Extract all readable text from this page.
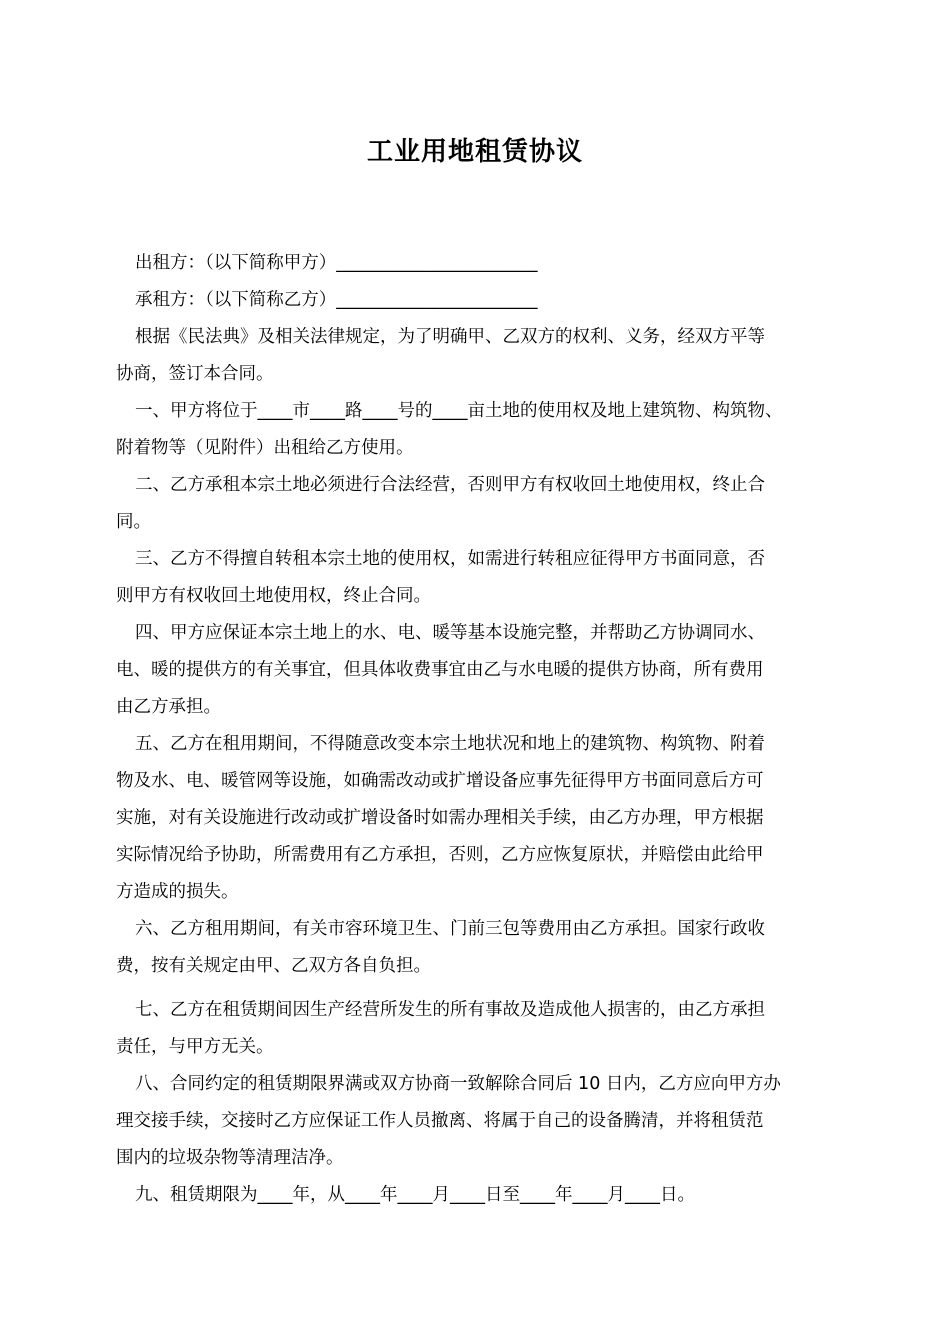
工业用地租赁协议
出租方：（以下简称甲方）_______________________
承租方：（以下简称乙方）_______________________
根据《民法典》及相关法律规定，为了明确甲、乙双方的权利、义务，经双方平等
协商，签订本合同。
一、甲方将位于____市____路____号的____亩土地的使用权及地上建筑物、构筑物、
附着物等（见附件）出租给乙方使用。
二、乙方承租本宗土地必须进行合法经营，否则甲方有权收回土地使用权，终止合
同。
三、乙方不得擅自转租本宗土地的使用权，如需进行转租应征得甲方书面同意，否
则甲方有权收回土地使用权，终止合同。
四、甲方应保证本宗土地上的水、电、暖等基本设施完整，并帮助乙方协调同水、
电、暖的提供方的有关事宜，但具体收费事宜由乙与水电暖的提供方协商，所有费用
由乙方承担。
五、乙方在租用期间，不得随意改变本宗土地状况和地上的建筑物、构筑物、附着
物及水、电、暖管网等设施，如确需改动或扩增设备应事先征得甲方书面同意后方可
实施，对有关设施进行改动或扩增设备时如需办理相关手续，由乙方办理，甲方根据
实际情况给予协助，所需费用有乙方承担，否则，乙方应恢复原状，并赔偿由此给甲
方造成的损失。
六、乙方租用期间，有关市容环境卫生、门前三包等费用由乙方承担。国家行政收
费，按有关规定由甲、乙双方各自负担。
七、乙方在租赁期间因生产经营所发生的所有事故及造成他人损害的，由乙方承担
责任，与甲方无关。
八、合同约定的租赁期限界满或双方协商一致解除合同后 10 日内，乙方应向甲方办
理交接手续，交接时乙方应保证工作人员撤离、将属于自己的设备腾清，并将租赁范
围内的垃圾杂物等清理洁净。
九、租赁期限为____年，从____年____月____日至____年____月____日。
